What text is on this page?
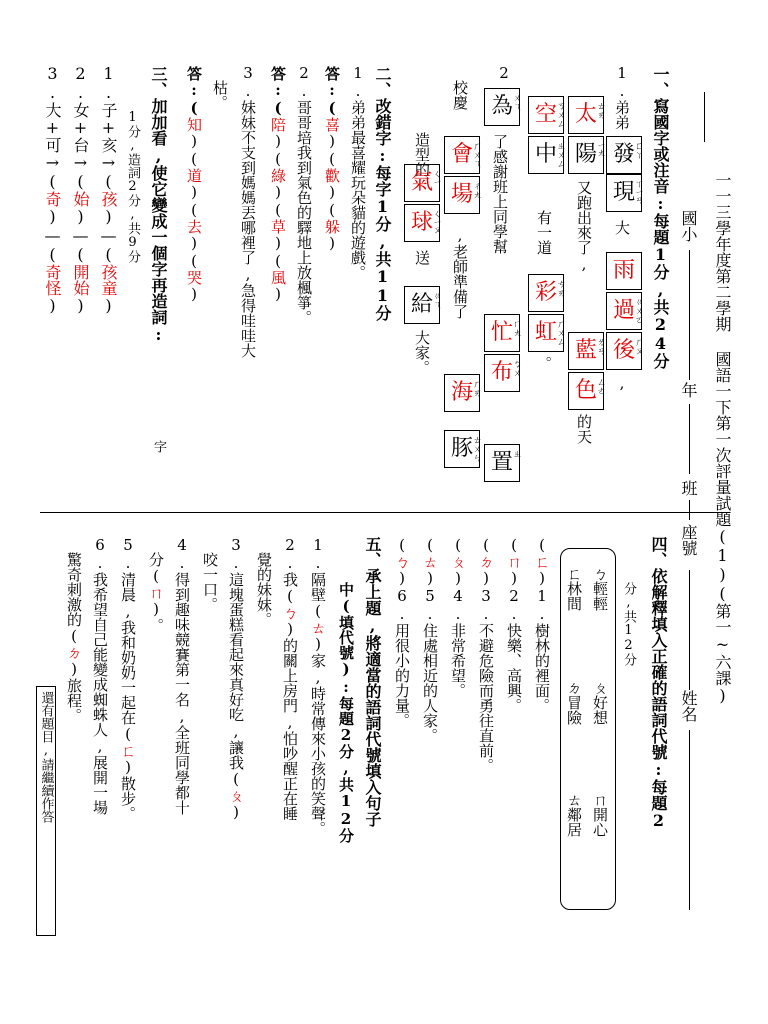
一一三學年度第二學期 國語一下第一次評量試題(1)(第一~六課)
國小
年
班
座號
姓名
一、寫國字或注音:每題1分,共24分
1.弟弟
發
ㄈㄚ
現
ㄒㄧㄢ
大
雨
過
ㄍㄨㄛ
後
ㄏㄡ
,
太
ㄊㄞ
陽
ㄧㄤ
又跑出來了,
藍
ㄌㄢ
色
ㄙㄜ
的天
空
ㄎㄨㄥ
中
ㄓㄨㄥ
有一道
彩
ㄘㄞ
虹
ㄏㄨㄥ
。
2.
為
ㄨㄟ
了感謝班上同學幫
忙
ㄇㄤ
布
ㄅㄨ
置
ㄓ
校慶
會
ㄏㄨㄟ
場
ㄔㄤ
,老師準備了
海
ㄏㄞ
豚
ㄊㄨㄣ
造型的
氣
ㄑㄧ
球
ㄑㄧㄡ
送
給
ㄍㄟ
大家。
二、改錯字:每字1分,共11分
1.弟弟最喜耀玩朵貓的遊戲。
答:(喜)(歡)(躲)
2.哥哥培我到氣色的驛地上放楓箏。
答:(陪)(綠)(草)(風)
3.妹妹不支到媽媽丟哪裡了,急得哇哇大
枯。
答:(知)(道)(去)(哭)
三、加加看,使它變成一個字再造詞:
字
1分,造詞2分,共9分
1.子+亥→(孩)—(孩童)
2.女+台→(始)—(開始)
3.大+可→(奇)—(奇怪)
四、依解釋填入正確的語詞代號:每題2
分,共12分
ㄅ輕輕
ㄆ好想
ㄇ開心
ㄈ林間
ㄉ冒險
ㄊ鄰居
(ㄈ)1.樹林的裡面。
(ㄇ)2.快樂、高興。
(ㄉ)3.不避危險而勇往直前。
(ㄆ)4.非常希望。
(ㄊ)5.住處相近的人家。
(ㄅ)6.用很小的力量。
五、承上題,將適當的語詞代號填入句子
中(填代號):每題2分,共12分
1.隔壁(ㄊ)家,時常傳來小孩的笑聲。
2.我(ㄅ)的關上房門,怕吵醒正在睡
覺的妹妹。
3.這塊蛋糕看起來真好吃,讓我(ㄆ)
咬一口。
4.得到趣味競賽第一名,全班同學都十
分(ㄇ)。
5.清晨,我和奶奶一起在(ㄈ)散步。
6.我希望自己能變成蜘蛛人,展開一場
驚奇刺激的(ㄉ)旅程。
還有題目,請繼續作答
